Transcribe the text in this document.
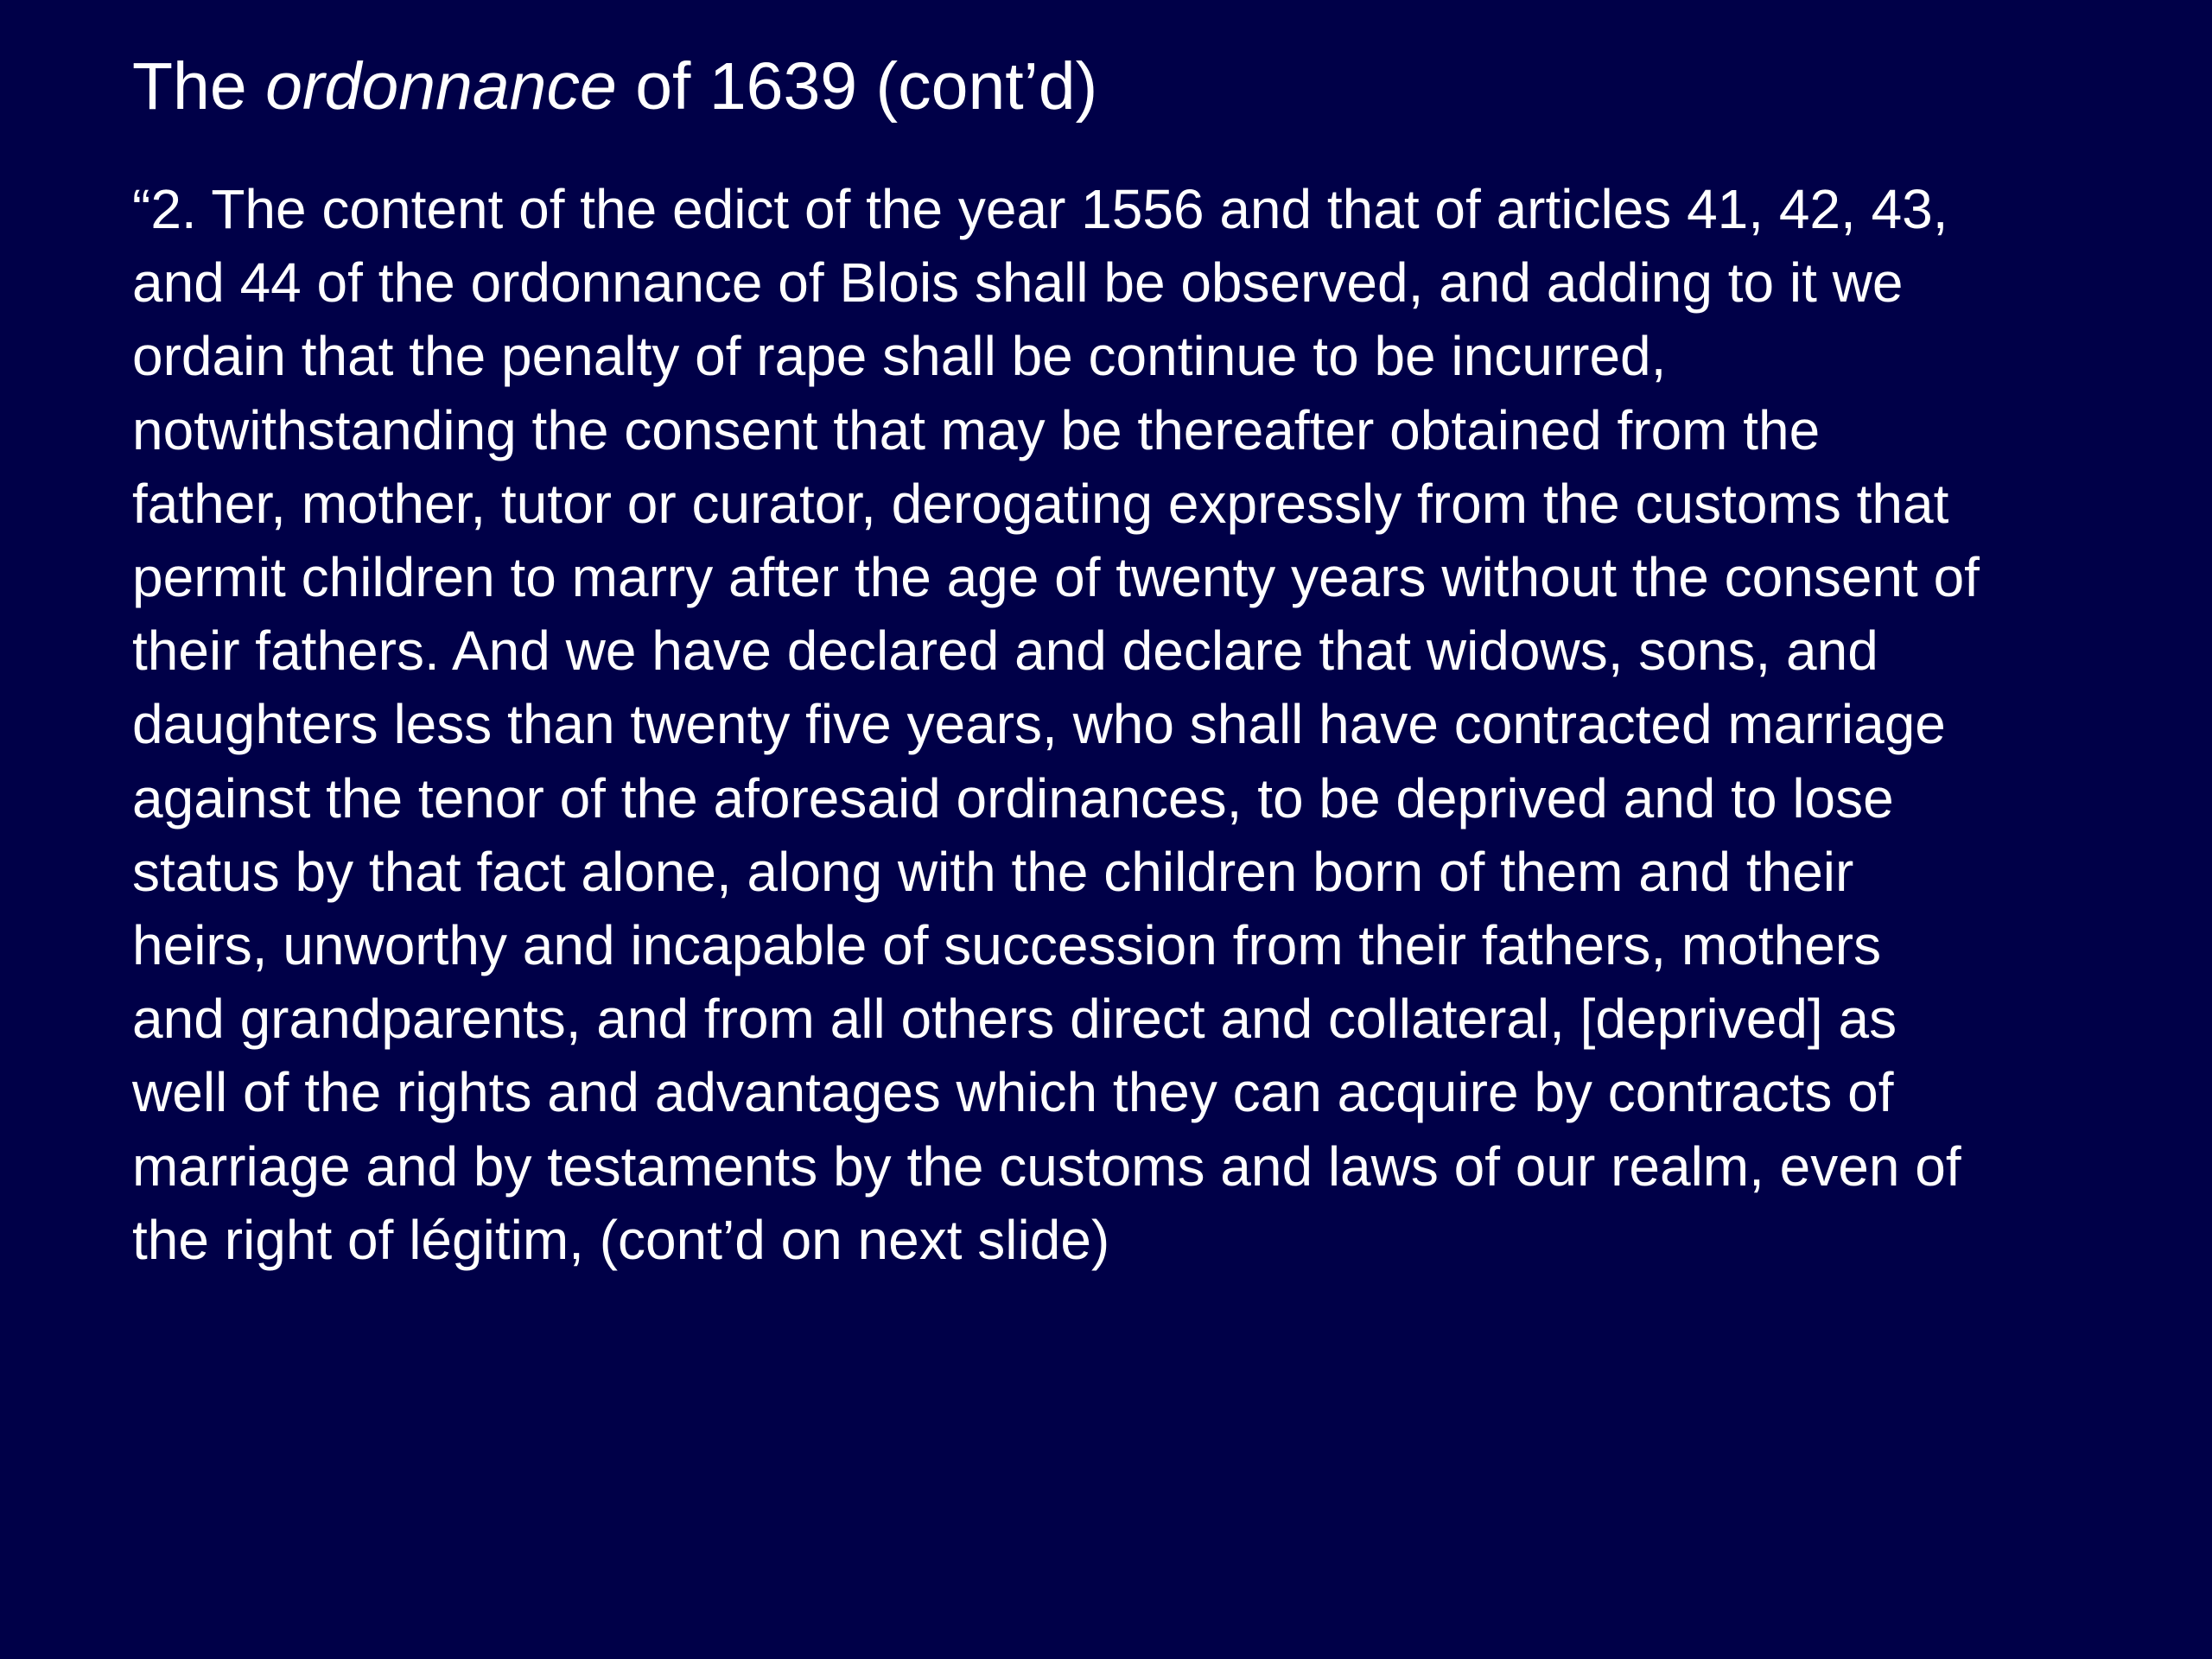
The ordonnance of 1639 (cont’d)

“2. The content of the edict of the year 1556 and that of articles 41, 42, 43,
and 44 of the ordonnance of Blois shall be observed, and adding to it we
ordain that the penalty of rape shall be continue to be incurred,
notwithstanding the consent that may be thereafter obtained from the
father, mother, tutor or curator, derogating expressly from the customs that
permit children to marry after the age of twenty years without the consent of
their fathers. And we have declared and declare that widows, sons, and
daughters less than twenty five years, who shall have contracted marriage
against the tenor of the aforesaid ordinances, to be deprived and to lose
status by that fact alone, along with the children born of them and their
heirs, unworthy and incapable of succession from their fathers, mothers
and grandparents, and from all others direct and collateral, [deprived] as
well of the rights and advantages which they can acquire by contracts of
marriage and by testaments by the customs and laws of our realm, even of
the right of légitim, (cont’d on next slide)
